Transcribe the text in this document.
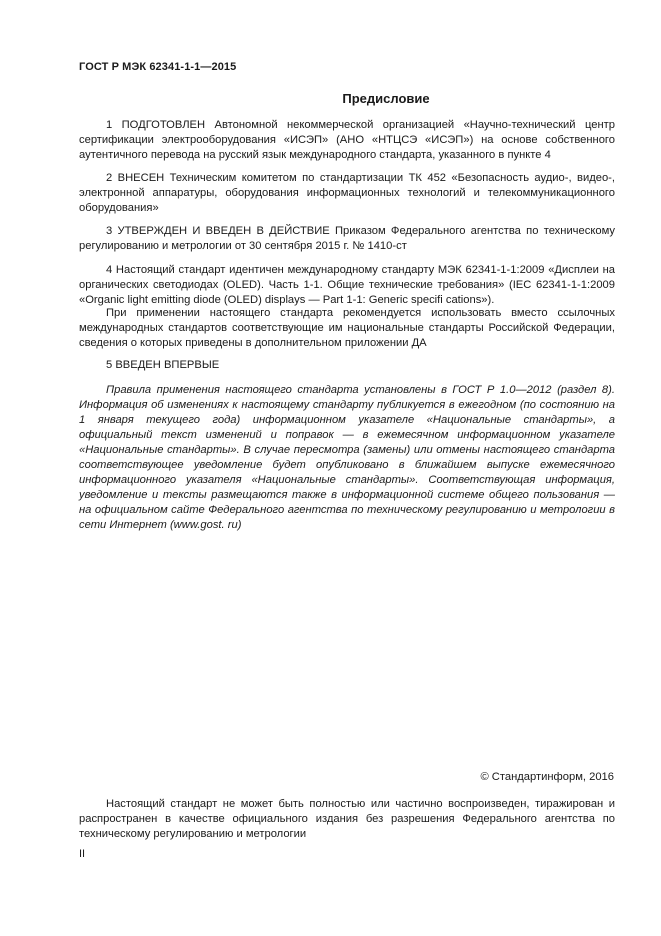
ГОСТ Р МЭК 62341-1-1—2015
Предисловие

1 ПОДГОТОВЛЕН Автономной некоммерческой организацией «Научно-технический центр сертификации электрооборудования «ИСЭП» (АНО «НТЦСЭ «ИСЭП») на основе собственного аутентичного перевода на русский язык международного стандарта, указанного в пункте 4

2 ВНЕСЕН Техническим комитетом по стандартизации ТК 452 «Безопасность аудио-, видео-, электронной аппаратуры, оборудования информационных технологий и телекоммуникационного оборудования»

3 УТВЕРЖДЕН И ВВЕДЕН В ДЕЙСТВИЕ Приказом Федерального агентства по техническому регулированию и метрологии от 30 сентября 2015 г. № 1410-ст

4 Настоящий стандарт идентичен международному стандарту МЭК 62341-1-1:2009 «Дисплеи на органических светодиодах (OLED). Часть 1-1. Общие технические требования» (IEC 62341-1-1:2009 «Organic light emitting diode (OLED) displays — Part 1-1: Generic specifi cations»).

При применении настоящего стандарта рекомендуется использовать вместо ссылочных международных стандартов соответствующие им национальные стандарты Российской Федерации, сведения о которых приведены в дополнительном приложении ДА

5 ВВЕДЕН ВПЕРВЫЕ

Правила применения настоящего стандарта установлены в ГОСТ Р 1.0—2012 (раздел 8). Информация об изменениях к настоящему стандарту публикуется в ежегодном (по состоянию на 1 января текущего года) информационном указателе «Национальные стандарты», а официальный текст изменений и поправок — в ежемесячном информационном указателе «Национальные стандарты». В случае пересмотра (замены) или отмены настоящего стандарта соответствующее уведомление будет опубликовано в ближайшем выпуске ежемесячного информационного указателя «Национальные стандарты». Соответствующая информация, уведомление и тексты размещаются также в информационной системе общего пользования — на официальном сайте Федерального агентства по техническому регулированию и метрологии в сети Интернет (www.gost. ru)

© Стандартинформ, 2016

Настоящий стандарт не может быть полностью или частично воспроизведен, тиражирован и распространен в качестве официального издания без разрешения Федерального агентства по техническому регулированию и метрологии

II
